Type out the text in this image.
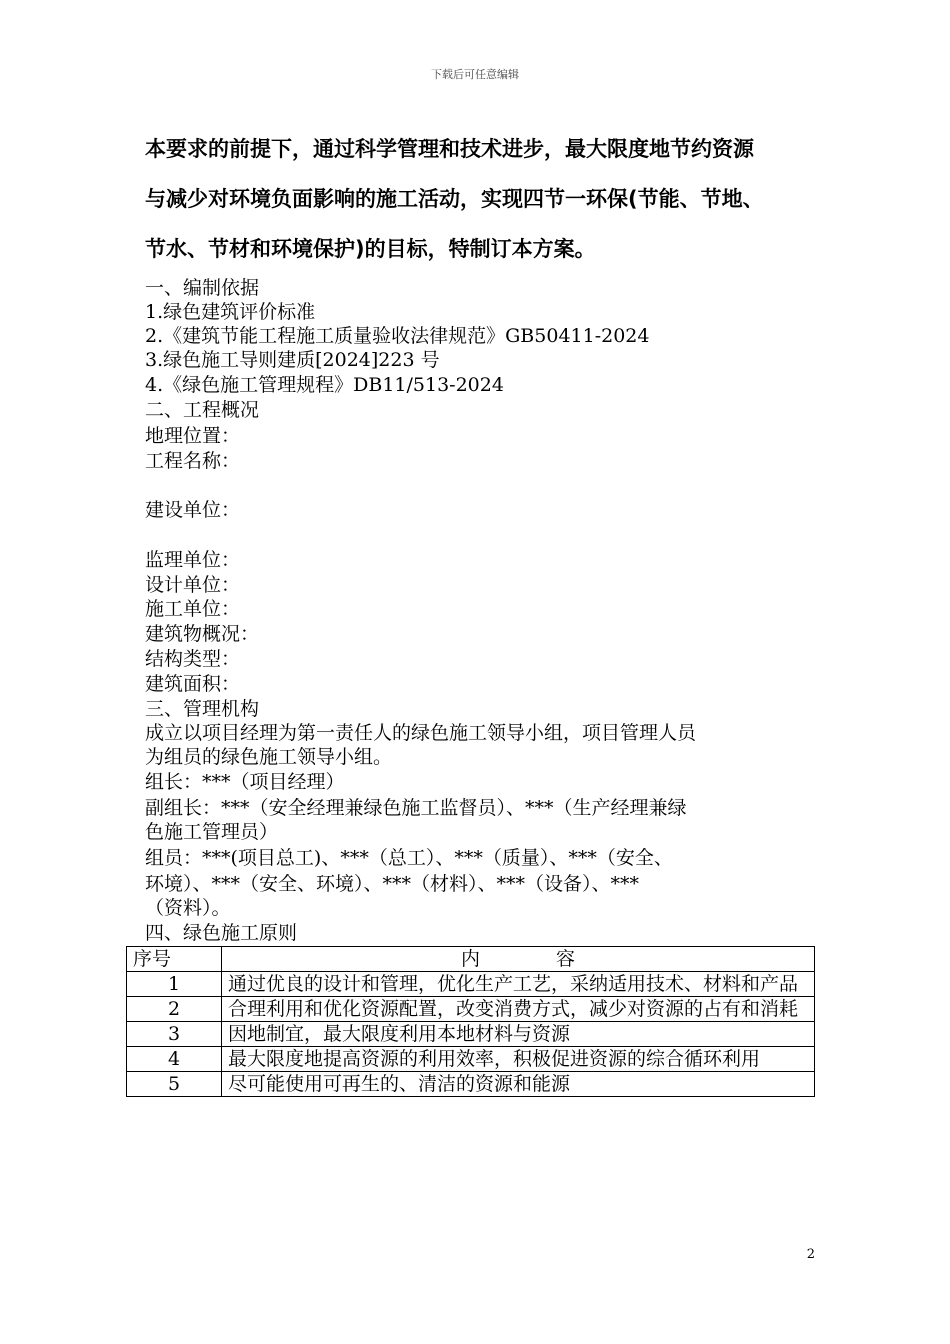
下载后可任意编辑
本要求的前提下，通过科学管理和技术进步，最大限度地节约资源
与减少对环境负面影响的施工活动，实现四节一环保(节能、节地、
节水、节材和环境保护)的目标，特制订本方案。
一、编制依据
1.绿色建筑评价标准
2.《建筑节能工程施工质量验收法律规范》GB50411-2024
3.绿色施工导则建质[2024]223 号
4.《绿色施工管理规程》DB11/513-2024
二、工程概况
地理位置：
工程名称：
建设单位：
监理单位：
设计单位：
施工单位：
建筑物概况：
结构类型：
建筑面积：
三、管理机构
成立以项目经理为第一责任人的绿色施工领导小组，项目管理人员
为组员的绿色施工领导小组。
组长：***（项目经理）
副组长：***（安全经理兼绿色施工监督员）、***（生产经理兼绿
色施工管理员）
组员：***(项目总工)、***（总工）、***（质量）、***（安全、
环境）、***（安全、环境）、***（材料）、***（设备）、***
（资料）。
四、绿色施工原则
序号	内　　　　容
1	通过优良的设计和管理，优化生产工艺，采纳适用技术、材料和产品
2	合理利用和优化资源配置，改变消费方式，减少对资源的占有和消耗
3	因地制宜，最大限度利用本地材料与资源
4	最大限度地提高资源的利用效率，积极促进资源的综合循环利用
5	尽可能使用可再生的、清洁的资源和能源
2
